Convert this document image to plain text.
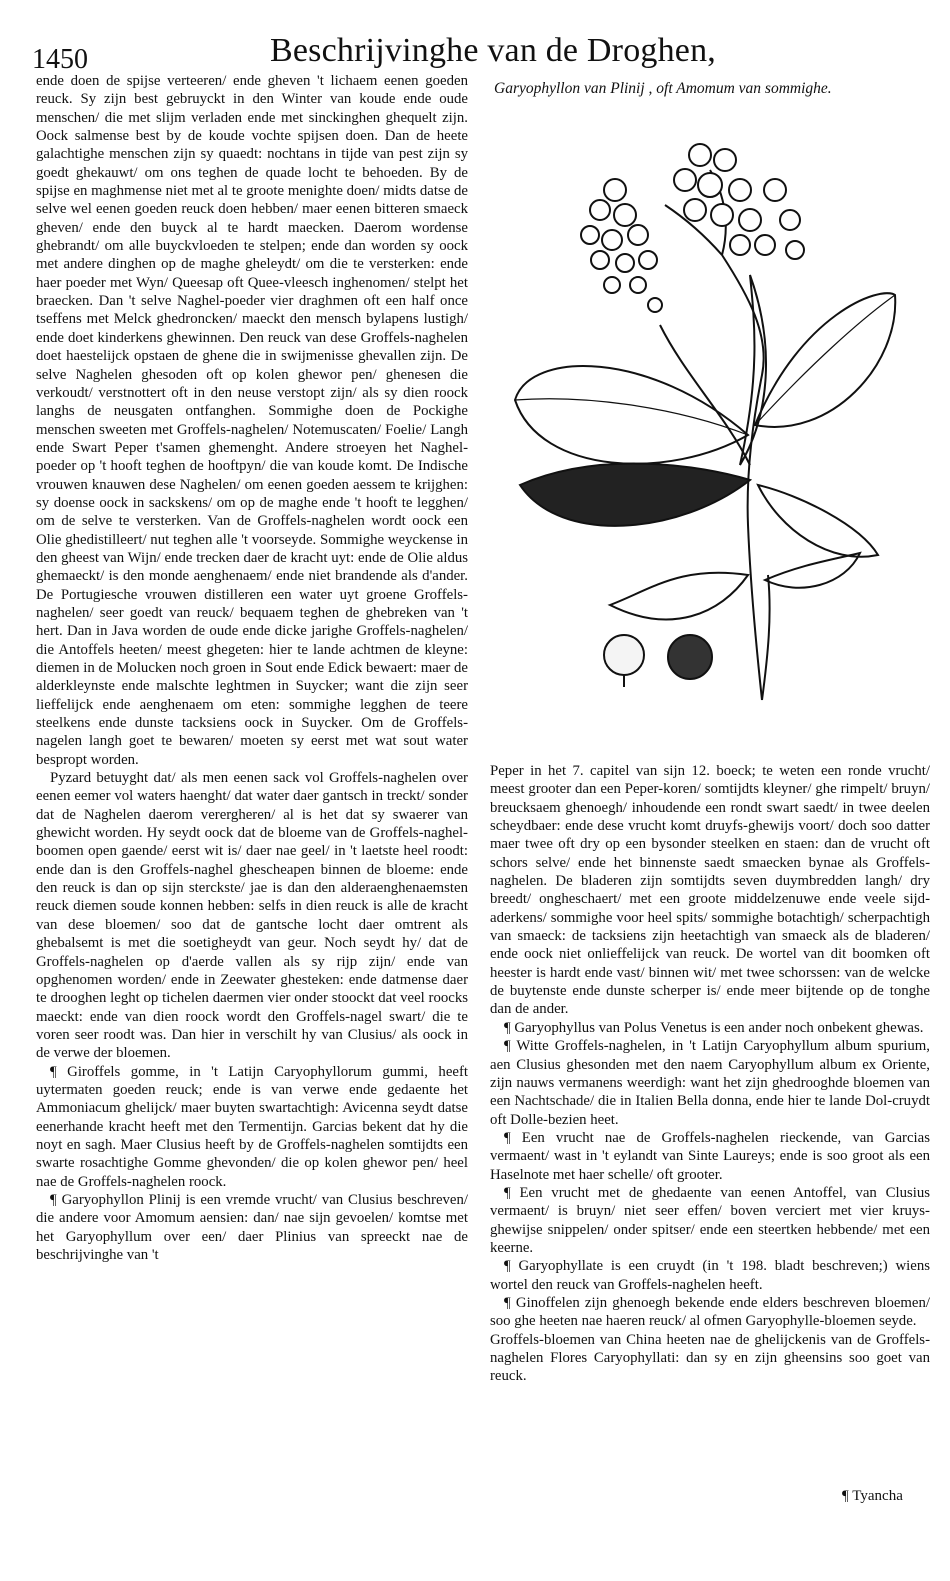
1450	Beschrijvinghe van de Droghen,

ende doen de spijse verteeren/ ende gheven 't lichaem eenen goeden reuck. Sy zijn best gebruyckt in den Winter van koude ende oude menschen/ die met slijm verladen ende met sinckinghen ghequelt zijn. Oock salmense best by de koude vochte spijsen doen. Dan de heete galachtighe menschen zijn sy quaedt: nochtans in tijde van pest zijn sy goedt ghekauwt/ om ons teghen de quade locht te behoeden. By de spijse en maghmense niet met al te groote menighte doen/ midts datse de selve wel eenen goeden reuck doen hebben/ maer eenen bitteren smaeck gheven/ ende den buyck al te hardt maecken. Daerom wordense ghebrandt/ om alle buyckvloeden te stelpen; ende dan worden sy oock met andere dinghen op de maghe gheleydt/ om die te versterken: ende haer poeder met Wyn/ Queesap oft Quee-vleesch inghenomen/ stelpt het braecken. Dan 't selve Naghel-poeder vier draghmen oft een half once tseffens met Melck ghedroncken/ maeckt den mensch bylapens lustigh/ ende doet kinderkens ghewinnen. Den reuck van dese Groffels-naghelen doet haestelijck opstaen de ghene die in swijmenisse ghevallen zijn. De selve Naghelen ghesoden oft op kolen ghewor pen/ ghenesen die verkoudt/ verstnottert oft in den neuse verstopt zijn/ als sy dien roock langhs de neusgaten ontfanghen. Sommighe doen de Pockighe menschen sweeten met Groffels-naghelen/ Notemuscaten/ Foelie/ Langh ende Swart Peper t'samen ghemenght. Andere stroeyen het Naghel-poeder op 't hooft teghen de hooftpyn/ die van koude komt. De Indische vrouwen knauwen dese Naghelen/ om eenen goeden aessem te krijghen: sy doense oock in sackskens/ om op de maghe ende 't hooft te legghen/ om de selve te versterken. Van de Groffels-naghelen wordt oock een Olie ghedistilleert/ nut teghen alle 't voorseyde. Sommighe weyckense in den gheest van Wijn/ ende trecken daer de kracht uyt: ende de Olie aldus ghemaeckt/ is den monde aenghenaem/ ende niet brandende als d'ander. De Portugiesche vrouwen distilleren een water uyt groene Groffels-naghelen/ seer goedt van reuck/ bequaem teghen de ghebreken van 't hert. Dan in Java worden de oude ende dicke jarighe Groffels-naghelen/ die Antoffels heeten/ meest ghegeten: hier te lande achtmen de kleyne: diemen in de Molucken noch groen in Sout ende Edick bewaert: maer de alderkleynste ende malschte leghtmen in Suycker; want die zijn seer lieffelijck ende aenghenaem om eten: sommighe legghen de teere steelkens ende dunste tacksiens oock in Suycker. Om de Groffels-nagelen langh goet te bewaren/ moeten sy eerst met wat sout water bespropt worden.

Pyzard betuyght dat/ als men eenen sack vol Groffels-naghelen over eenen eemer vol waters haenght/ dat water daer gantsch in treckt/ sonder dat de Naghelen daerom verergheren/ al is het dat sy swaerer van ghewicht worden. Hy seydt oock dat de bloeme van de Groffels-naghel-boomen open gaende/ eerst wit is/ daer nae geel/ in 't laetste heel roodt: ende dan is den Groffels-naghel ghescheapen binnen de bloeme: ende den reuck is dan op sijn sterckste/ jae is dan den alderaenghenaemsten reuck diemen soude konnen hebben: selfs in dien reuck is alle de kracht van dese bloemen/ soo dat de gantsche locht daer omtrent als ghebalsemt is met die soetigheydt van geur. Noch seydt hy/ dat de Groffels-naghelen op d'aerde vallen als sy rijp zijn/ ende van opghenomen worden/ ende in Zeewater ghesteken: ende datmense daer te drooghen leght op tichelen daermen vier onder stoockt dat veel roocks maeckt: ende van dien roock wordt den Groffels-nagel swart/ die te voren seer roodt was. Dan hier in verschilt hy van Clusius/ als oock in de verwe der bloemen.

¶ Giroffels gomme, in 't Latijn Caryophyllorum gummi, heeft uytermaten goeden reuck; ende is van verwe ende gedaente het Ammoniacum ghelijck/ maer buyten swartachtigh: Avicenna seydt datse eenerhande kracht heeft met den Termentijn. Garcias bekent dat hy die noyt en sagh. Maer Clusius heeft by de Groffels-naghelen somtijdts een swarte rosachtighe Gomme ghevonden/ die op kolen ghewor pen/ heel nae de Groffels-naghelen roock.

¶ Garyophyllon Plinij is een vremde vrucht/ van Clusius beschreven/ die andere voor Amomum aensien: dan/ nae sijn gevoelen/ komtse met het Garyophyllum over een/ daer Plinius van spreeckt nae de beschrijvinghe van 't

Garyophyllon van Plinij , oft Amomum van sommighe.

Peper in het 7. capitel van sijn 12. boeck; te weten een ronde vrucht/ meest grooter dan een Peper-koren/ somtijdts kleyner/ ghe rimpelt/ bruyn/ breucksaem ghenoegh/ inhoudende een rondt swart saedt/ in twee deelen scheydbaer: ende dese vrucht komt druyfs-ghewijs voort/ doch soo datter maer twee oft dry op een bysonder steelken en staen: dan de vrucht oft schors selve/ ende het binnenste saedt smaecken bynae als Groffels-naghelen. De bladeren zijn somtijdts seven duymbredden langh/ dry breedt/ ongheschaert/ met een groote middelzenuwe ende veele sijd-aderkens/ sommighe voor heel spits/ sommighe botachtigh/ scherpachtigh van smaeck: de tacksiens zijn heetachtigh van smaeck als de bladeren/ ende oock niet onlieffelijck van reuck. De wortel van dit boomken oft heester is hardt ende vast/ binnen wit/ met twee schorssen: van de welcke de buytenste ende dunste scherper is/ ende meer bijtende op de tonghe dan de ander.

¶ Garyophyllus van Polus Venetus is een ander noch onbekent ghewas.

¶ Witte Groffels-naghelen, in 't Latijn Caryophyllum album spurium, aen Clusius ghesonden met den naem Caryophyllum album ex Oriente, zijn nauws vermanens weerdigh: want het zijn ghedrooghde bloemen van een Nachtschade/ die in Italien Bella donna, ende hier te lande Dol-cruydt oft Dolle-bezien heet.

¶ Een vrucht nae de Groffels-naghelen rieckende, van Garcias vermaent/ wast in 't eylandt van Sinte Laureys; ende is soo groot als een Haselnote met haer schelle/ oft grooter.

¶ Een vrucht met de ghedaente van eenen Antoffel, van Clusius vermaent/ is bruyn/ niet seer effen/ boven verciert met vier kruys-ghewijse snippelen/ onder spitser/ ende een steertken hebbende/ met een keerne.

¶ Garyophyllate is een cruydt (in 't 198. bladt beschreven;) wiens wortel den reuck van Groffels-naghelen heeft.

¶ Ginoffelen zijn ghenoegh bekende ende elders beschreven bloemen/ soo ghe heeten nae haeren reuck/ al ofmen Garyophylle-bloemen seyde.

Groffels-bloemen van China heeten nae de ghelijckenis van de Groffels-naghelen Flores Caryophyllati: dan sy en zijn gheensins soo goet van reuck.

¶ Tyancha
